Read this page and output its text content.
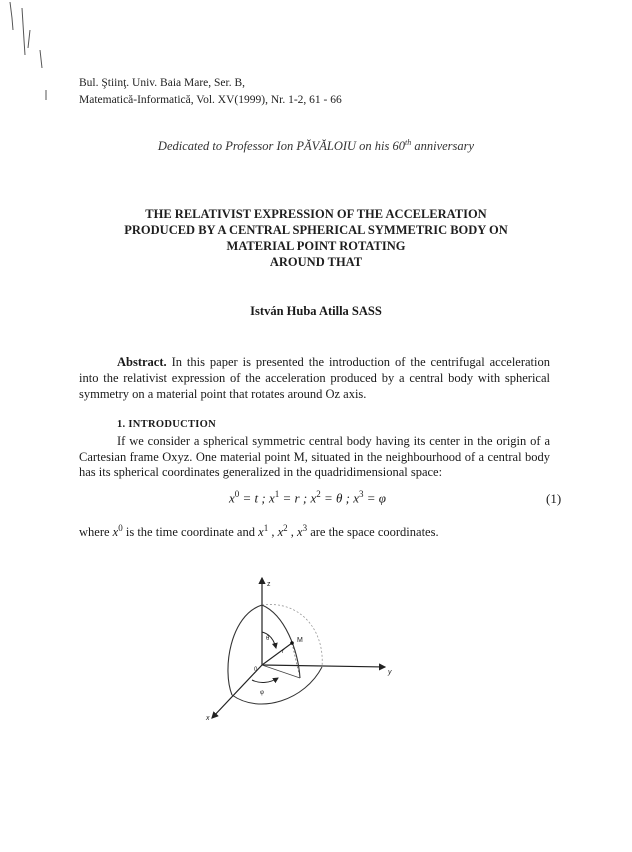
Bul. Ştiinţ. Univ. Baia Mare, Ser. B,
Matematică-Informatică, Vol. XV(1999), Nr. 1-2, 61 - 66
Dedicated to Professor Ion PĂVĂLOIU on his 60th anniversary
THE RELATIVIST EXPRESSION OF THE ACCELERATION
PRODUCED BY A CENTRAL SPHERICAL SYMMETRIC BODY ON
MATERIAL POINT ROTATING
AROUND THAT
István Huba Atilla SASS
Abstract. In this paper is presented the introduction of the centrifugal acceleration into the relativist expression of the acceleration produced by a central body with spherical symmetry on a material point that rotates around Oz axis.
1. INTRODUCTION
If we consider a spherical symmetric central body having its center in the origin of a Cartesian frame Oxyz. One material point M, situated in the neighbourhood of a central body has its spherical coordinates generalized in the quadridimensional space:
$x^0 = t$ ; $x^1 = r$ ; $x^2 = \theta$ ; $x^3 = \varphi$	(1)
where $x^0$ is the time coordinate and $x^1$ , $x^2$ , $x^3$ are the space coordinates.
z
y
x
0
M
θ
r
φ
